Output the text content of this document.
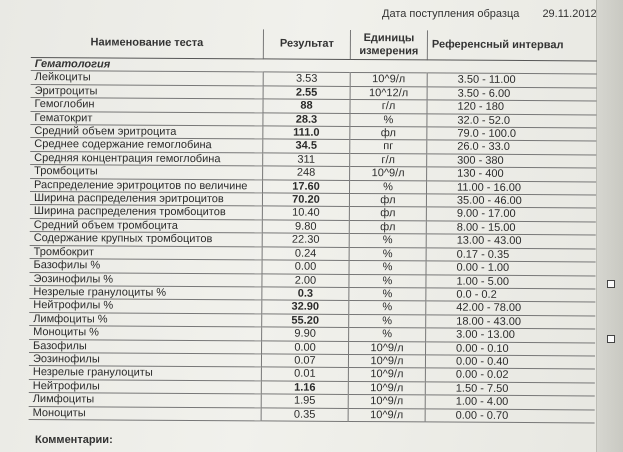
Дата поступления образца 29.11.2012
Наименование теста	Результат	Единицы
измерения	Референсный интервал
Гематология			
Лейкоциты	3.53	10^9/л	3.50 - 11.00
Эритроциты	2.55	10^12/л	3.50 - 6.00
Гемоглобин	88	г/л	120 - 180
Гематокрит	28.3	%	32.0 - 52.0
Средний объем эритроцита	111.0	фл	79.0 - 100.0
Среднее содержание гемоглобина	34.5	пг	26.0 - 33.0
Средняя концентрация гемоглобина	311	г/л	300 - 380
Тромбоциты	248	10^9/л	130 - 400
Распределение эритроцитов по величине	17.60	%	11.00 - 16.00
Ширина распределения эритроцитов	70.20	фл	35.00 - 46.00
Ширина распределения тромбоцитов	10.40	фл	9.00 - 17.00
Средний объем тромбоцита	9.80	фл	8.00 - 15.00
Содержание крупных тромбоцитов	22.30	%	13.00 - 43.00
Тромбокрит	0.24	%	0.17 - 0.35
Базофилы %	0.00	%	0.00 - 1.00
Эозинофилы %	2.00	%	1.00 - 5.00
Незрелые гранулоциты %	0.3	%	0.0 - 0.2
Нейтрофилы %	32.90	%	42.00 - 78.00
Лимфоциты %	55.20	%	18.00 - 43.00
Моноциты %	9.90	%	3.00 - 13.00
Базофилы	0.00	10^9/л	0.00 - 0.10
Эозинофилы	0.07	10^9/л	0.00 - 0.40
Незрелые гранулоциты	0.01	10^9/л	0.00 - 0.02
Нейтрофилы	1.16	10^9/л	1.50 - 7.50
Лимфоциты	1.95	10^9/л	1.00 - 4.00
Моноциты	0.35	10^9/л	0.00 - 0.70
Комментарии:
